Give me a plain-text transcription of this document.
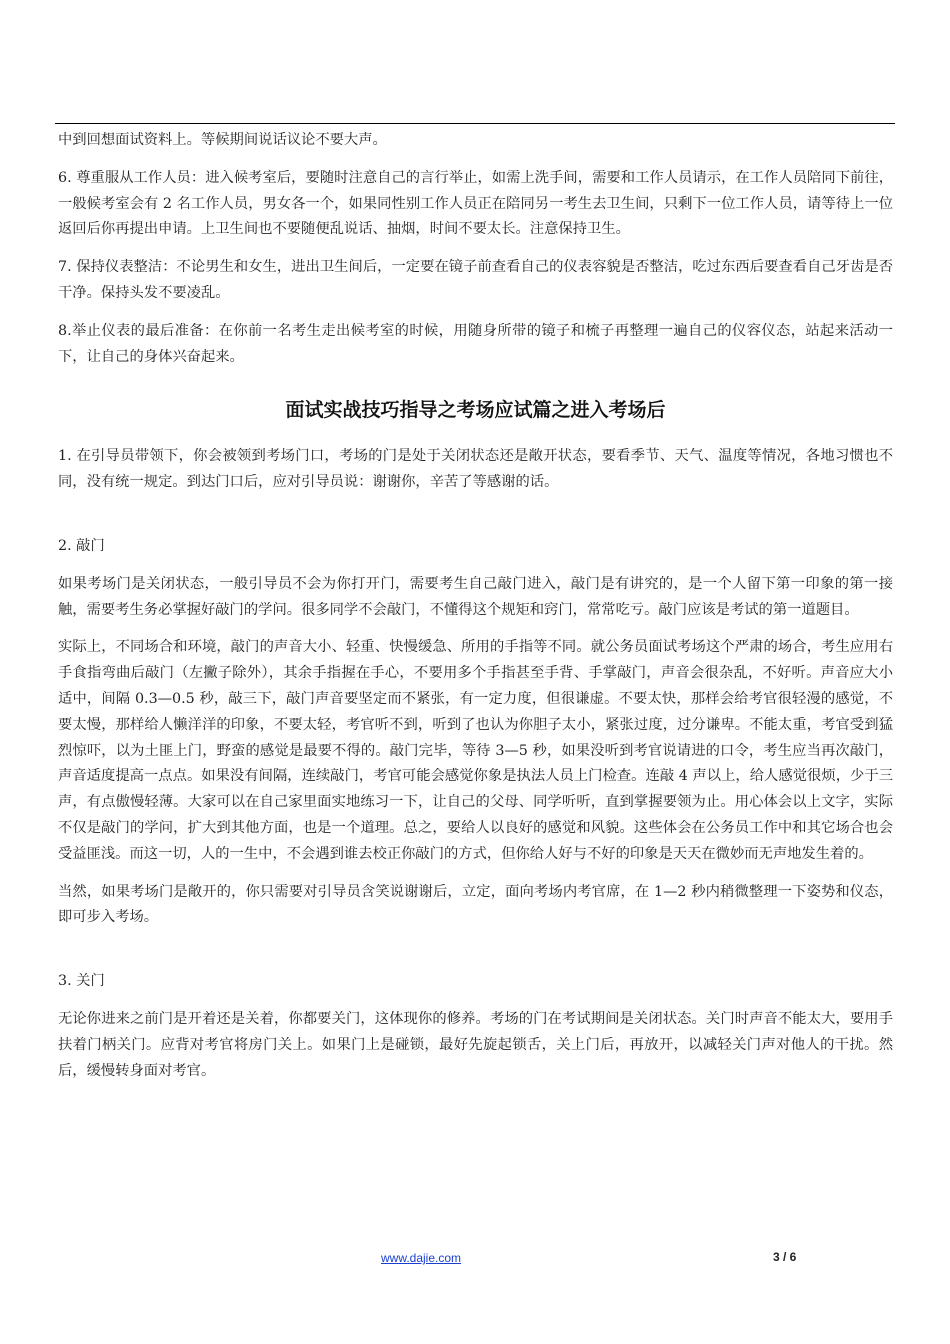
中到回想面试资料上。等候期间说话议论不要大声。

6. 尊重服从工作人员：进入候考室后，要随时注意自己的言行举止，如需上洗手间，需要和工作人员请示，在工作人员陪同下前往，一般候考室会有 2 名工作人员，男女各一个，如果同性别工作人员正在陪同另一考生去卫生间，只剩下一位工作人员，请等待上一位返回后你再提出申请。上卫生间也不要随便乱说话、抽烟，时间不要太长。注意保持卫生。

7. 保持仪表整洁：不论男生和女生，进出卫生间后，一定要在镜子前查看自己的仪表容貌是否整洁，吃过东西后要查看自己牙齿是否干净。保持头发不要凌乱。

8.举止仪表的最后准备：在你前一名考生走出候考室的时候，用随身所带的镜子和梳子再整理一遍自己的仪容仪态，站起来活动一下，让自己的身体兴奋起来。

面试实战技巧指导之考场应试篇之进入考场后

1. 在引导员带领下，你会被领到考场门口，考场的门是处于关闭状态还是敞开状态，要看季节、天气、温度等情况，各地习惯也不同，没有统一规定。到达门口后，应对引导员说：谢谢你，辛苦了等感谢的话。

2. 敲门

如果考场门是关闭状态，一般引导员不会为你打开门，需要考生自己敲门进入，敲门是有讲究的，是一个人留下第一印象的第一接触，需要考生务必掌握好敲门的学问。很多同学不会敲门，不懂得这个规矩和窍门，常常吃亏。敲门应该是考试的第一道题目。

实际上，不同场合和环境，敲门的声音大小、轻重、快慢缓急、所用的手指等不同。就公务员面试考场这个严肃的场合，考生应用右手食指弯曲后敲门（左撇子除外），其余手指握在手心，不要用多个手指甚至手背、手掌敲门，声音会很杂乱，不好听。声音应大小适中，间隔 0.3—0.5 秒，敲三下，敲门声音要坚定而不紧张，有一定力度，但很谦虚。不要太快，那样会给考官很轻漫的感觉，不要太慢，那样给人懒洋洋的印象，不要太轻，考官听不到，听到了也认为你胆子太小，紧张过度，过分谦卑。不能太重，考官受到猛烈惊吓，以为土匪上门，野蛮的感觉是最要不得的。敲门完毕，等待 3—5 秒，如果没听到考官说请进的口令，考生应当再次敲门，声音适度提高一点点。如果没有间隔，连续敲门，考官可能会感觉你象是执法人员上门检查。连敲 4 声以上，给人感觉很烦，少于三声，有点傲慢轻薄。大家可以在自己家里面实地练习一下，让自己的父母、同学听听，直到掌握要领为止。用心体会以上文字，实际不仅是敲门的学问，扩大到其他方面，也是一个道理。总之，要给人以良好的感觉和风貌。这些体会在公务员工作中和其它场合也会受益匪浅。而这一切，人的一生中，不会遇到谁去校正你敲门的方式，但你给人好与不好的印象是天天在微妙而无声地发生着的。

当然，如果考场门是敞开的，你只需要对引导员含笑说谢谢后，立定，面向考场内考官席，在 1—2 秒内稍微整理一下姿势和仪态，即可步入考场。

3. 关门

无论你进来之前门是开着还是关着，你都要关门，这体现你的修养。考场的门在考试期间是关闭状态。关门时声音不能太大，要用手扶着门柄关门。应背对考官将房门关上。如果门上是碰锁，最好先旋起锁舌，关上门后，再放开，以减轻关门声对他人的干扰。然后，缓慢转身面对考官。

www.dajie.com	3 / 6
